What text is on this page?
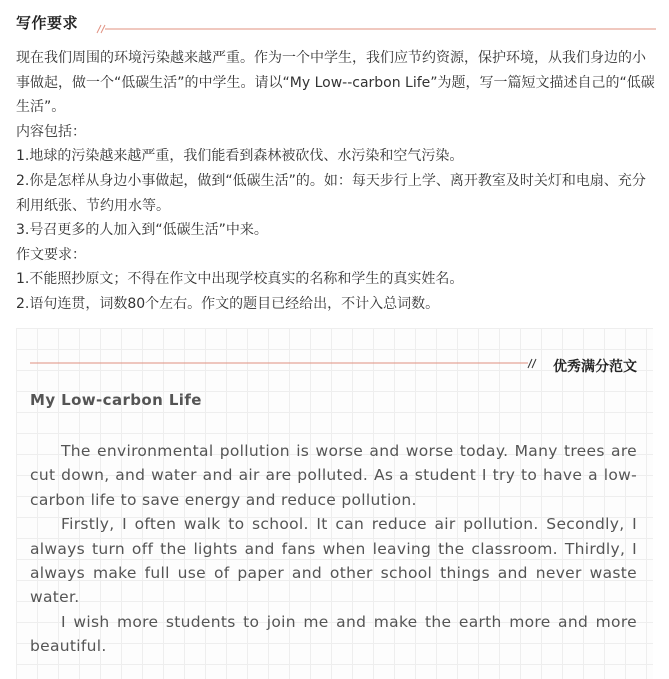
写作要求

现在我们周围的环境污染越来越严重。作为一个中学生，我们应节约资源，保护环境，从我们身边的小事做起，做一个“低碳生活”的中学生。请以“My Low--carbon Life”为题，写一篇短文描述自己的“低碳生活”。

内容包括：

1.地球的污染越来越严重，我们能看到森林被砍伐、水污染和空气污染。

2.你是怎样从身边小事做起，做到“低碳生活”的。如：每天步行上学、离开教室及时关灯和电扇、充分利用纸张、节约用水等。

3.号召更多的人加入到“低碳生活”中来。

作文要求：

1.不能照抄原文；不得在作文中出现学校真实的名称和学生的真实姓名。

2.语句连贯，词数80个左右。作文的题目已经给出，不计入总词数。

优秀满分范文
My Low-carbon Life

The environmental pollution is worse and worse today. Many trees are cut down, and water and air are polluted. As a student I try to have a low-carbon life to save energy and reduce pollution.

Firstly, I often walk to school. It can reduce air pollution. Secondly, I always turn off the lights and fans when leaving the classroom. Thirdly, I always make full use of paper and other school things and never waste water.

I wish more students to join me and make the earth more and more beautiful.
